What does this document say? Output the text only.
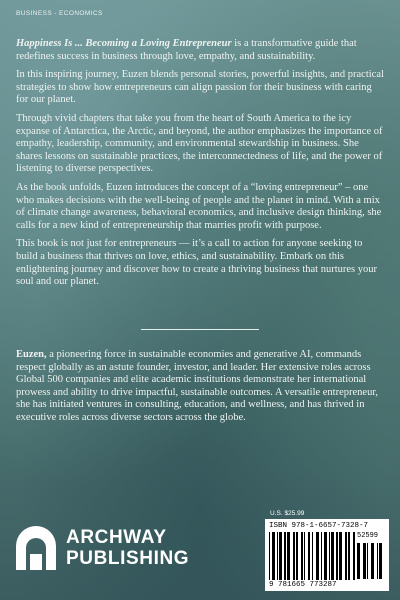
BUSINESS - ECONOMICS

Happiness Is ... Becoming a Loving Entrepreneur is a transformative guide that redefines success in business through love, empathy, and sustainability.

In this inspiring journey, Euzen blends personal stories, powerful insights, and practical strategies to show how entrepreneurs can align passion for their business with caring for our planet.

Through vivid chapters that take you from the heart of South America to the icy expanse of Antarctica, the Arctic, and beyond, the author emphasizes the importance of empathy, leadership, community, and environmental stewardship in business. She shares lessons on sustainable practices, the interconnectedness of life, and the power of listening to diverse perspectives.

As the book unfolds, Euzen introduces the concept of a “loving entrepreneur” – one who makes decisions with the well-being of people and the planet in mind. With a mix of climate change awareness, behavioral economics, and inclusive design thinking, she calls for a new kind of entrepreneurship that marries profit with purpose.

This book is not just for entrepreneurs — it’s a call to action for anyone seeking to build a business that thrives on love, ethics, and sustainability. Embark on this enlightening journey and discover how to create a thriving business that nurtures your soul and our planet.

Euzen, a pioneering force in sustainable economies and generative AI, commands respect globally as an astute founder, investor, and leader. Her extensive roles across Global 500 companies and elite academic institutions demonstrate her international prowess and ability to drive impactful, sustainable outcomes. A versatile entrepreneur, she has initiated ventures in consulting, education, and wellness, and has thrived in executive roles across diverse sectors across the globe.

ARCHWAY
PUBLISHING
U.S. $25.99
ISBN 978-1-6657-7328-7
52599
9 781665 773287
